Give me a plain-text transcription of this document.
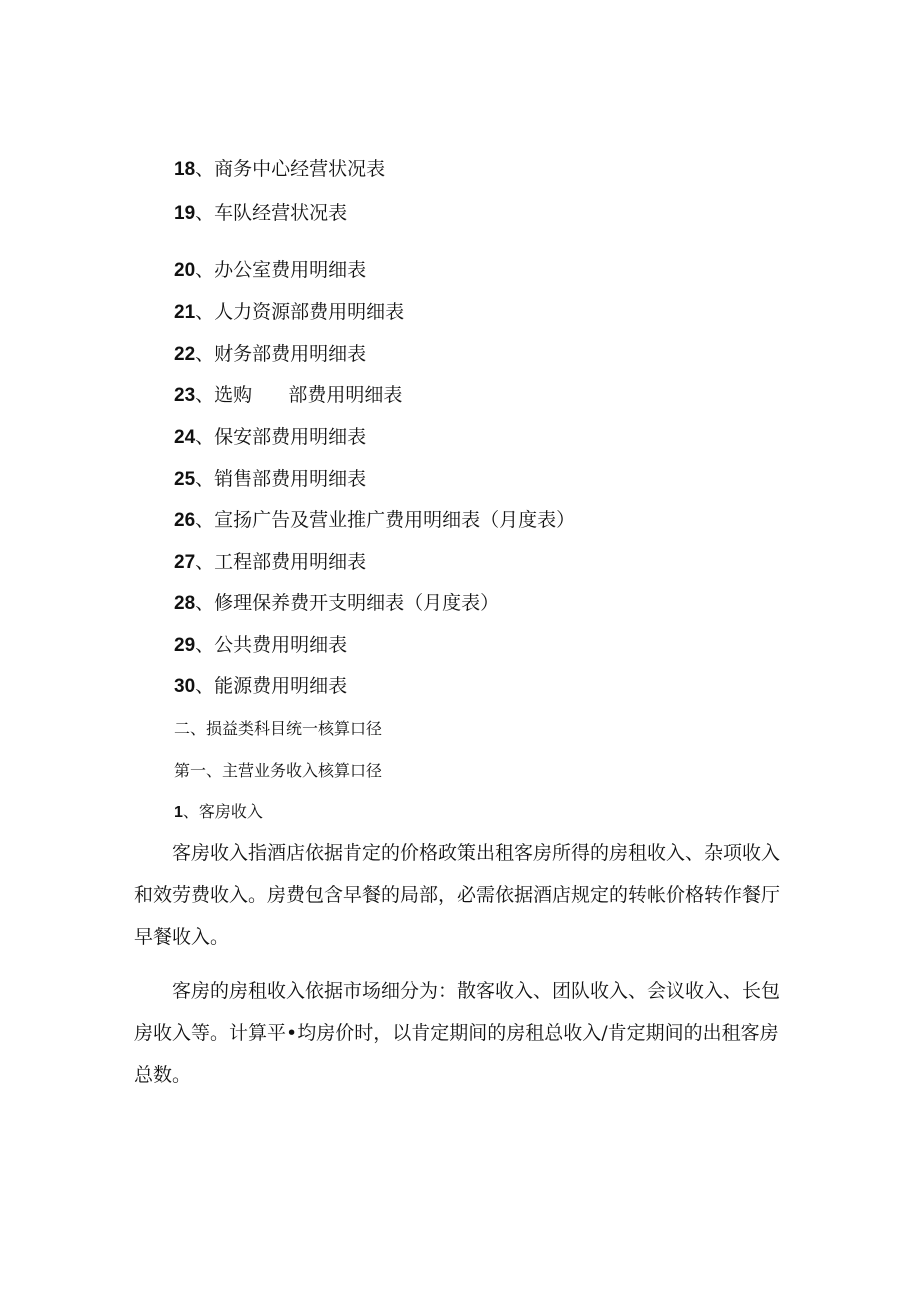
18、商务中心经营状况表
19、车队经营状况表
20、办公室费用明细表
21、人力资源部费用明细表
22、财务部费用明细表
23、选购      部费用明细表
24、保安部费用明细表
25、销售部费用明细表
26、宣扬广告及营业推广费用明细表（月度表）
27、工程部费用明细表
28、修理保养费开支明细表（月度表）
29、公共费用明细表
30、能源费用明细表
二、损益类科目统一核算口径
第一、主营业务收入核算口径
1、客房收入

客房收入指酒店依据肯定的价格政策出租客房所得的房租收入、杂项收入和效劳费收入。房费包含早餐的局部，必需依据酒店规定的转帐价格转作餐厅早餐收入。

客房的房租收入依据市场细分为：散客收入、团队收入、会议收入、长包房收入等。计算平•均房价时，以肯定期间的房租总收入/肯定期间的出租客房总数。
